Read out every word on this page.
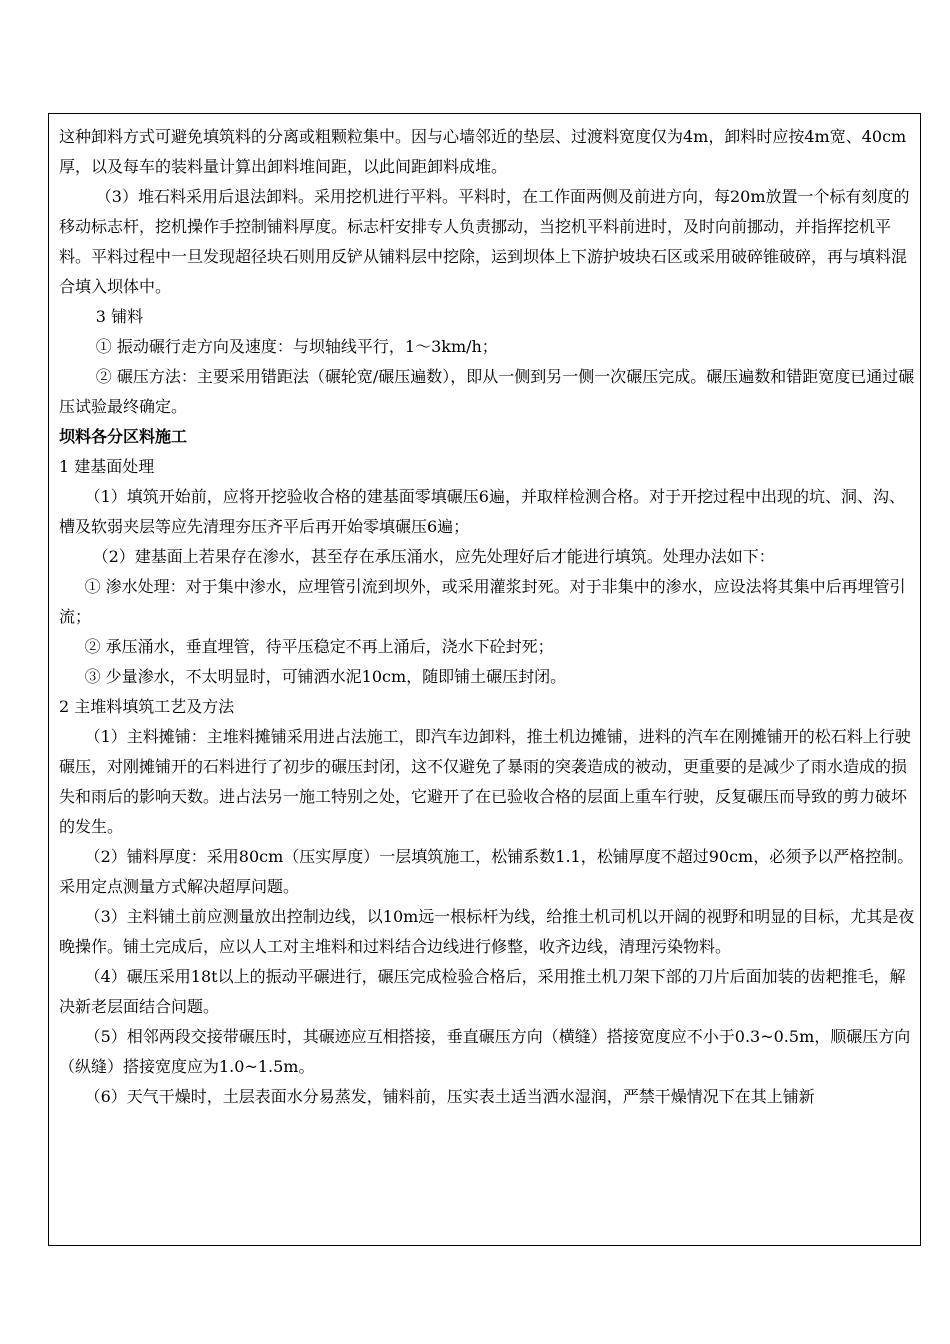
这种卸料方式可避免填筑料的分离或粗颗粒集中。因与心墙邻近的垫层、过渡料宽度仅为4m，卸料时应按4m宽、40cm厚，以及每车的装料量计算出卸料堆间距，以此间距卸料成堆。

（3）堆石料采用后退法卸料。采用挖机进行平料。平料时，在工作面两侧及前进方向，每20m放置一个标有刻度的移动标志杆，挖机操作手控制铺料厚度。标志杆安排专人负责挪动，当挖机平料前进时，及时向前挪动，并指挥挖机平料。平料过程中一旦发现超径块石则用反铲从铺料层中挖除，运到坝体上下游护坡块石区或采用破碎锥破碎，再与填料混合填入坝体中。

3 铺料

① 振动碾行走方向及速度：与坝轴线平行，1～3km/h；

② 碾压方法：主要采用错距法（碾轮宽/碾压遍数），即从一侧到另一侧一次碾压完成。碾压遍数和错距宽度已通过碾压试验最终确定。

坝料各分区料施工

1 建基面处理

（1）填筑开始前，应将开挖验收合格的建基面零填碾压6遍，并取样检测合格。对于开挖过程中出现的坑、洞、沟、槽及软弱夹层等应先清理夯压齐平后再开始零填碾压6遍；

（2）建基面上若果存在渗水，甚至存在承压涌水，应先处理好后才能进行填筑。处理办法如下：

① 渗水处理：对于集中渗水，应埋管引流到坝外，或采用灌浆封死。对于非集中的渗水，应设法将其集中后再埋管引流；

② 承压涌水，垂直埋管，待平压稳定不再上涌后，浇水下砼封死；

③ 少量渗水，不太明显时，可铺洒水泥10cm，随即铺土碾压封闭。

2 主堆料填筑工艺及方法

（1）主料摊铺：主堆料摊铺采用进占法施工，即汽车边卸料，推土机边摊铺，进料的汽车在刚摊铺开的松石料上行驶碾压，对刚摊铺开的石料进行了初步的碾压封闭，这不仅避免了暴雨的突袭造成的被动，更重要的是减少了雨水造成的损失和雨后的影响天数。进占法另一施工特别之处，它避开了在已验收合格的层面上重车行驶，反复碾压而导致的剪力破坏的发生。

（2）铺料厚度：采用80cm（压实厚度）一层填筑施工，松铺系数1.1，松铺厚度不超过90cm，必须予以严格控制。采用定点测量方式解决超厚问题。

（3）主料铺土前应测量放出控制边线，以10m远一根标杆为线，给推土机司机以开阔的视野和明显的目标，尤其是夜晚操作。铺土完成后，应以人工对主堆料和过料结合边线进行修整，收齐边线，清理污染物料。

（4）碾压采用18t以上的振动平碾进行，碾压完成检验合格后，采用推土机刀架下部的刀片后面加装的齿耙推毛，解决新老层面结合问题。

（5）相邻两段交接带碾压时，其碾迹应互相搭接，垂直碾压方向（横缝）搭接宽度应不小于0.3~0.5m，顺碾压方向（纵缝）搭接宽度应为1.0~1.5m。

（6）天气干燥时，土层表面水分易蒸发，铺料前，压实表土适当洒水湿润，严禁干燥情况下在其上铺新
